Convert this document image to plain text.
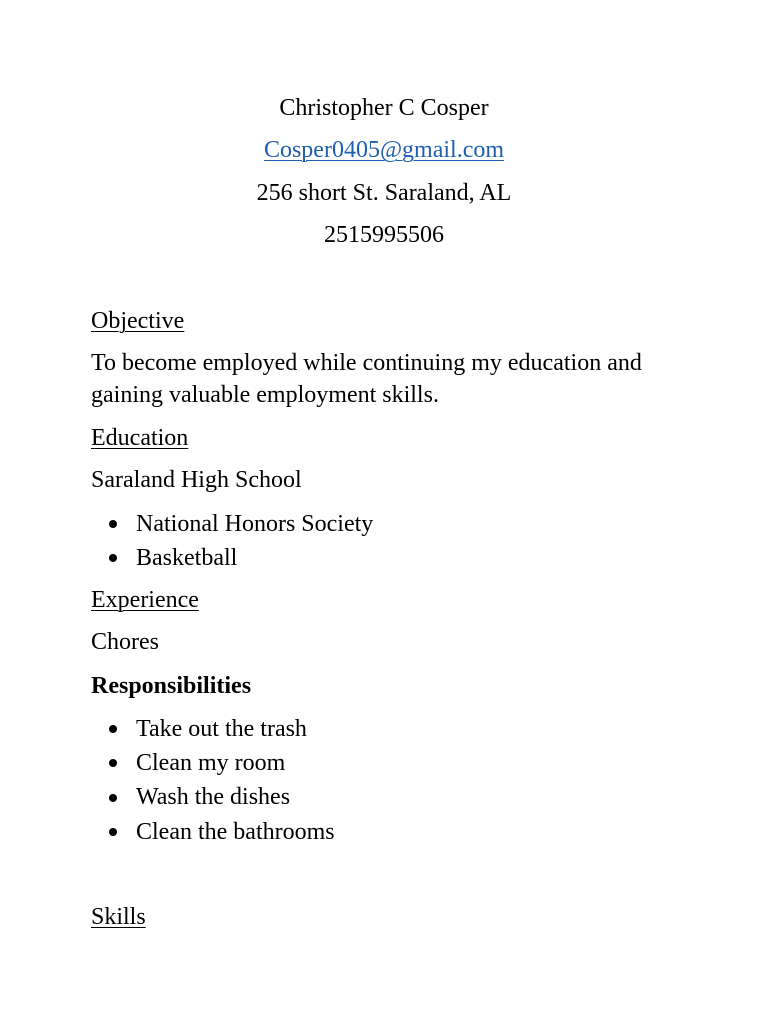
Christopher C Cosper
Cosper0405@gmail.com
256 short St. Saraland, AL
2515995506
Objective
To become employed while continuing my education and gaining valuable employment skills.
Education
Saraland High School
National Honors Society
Basketball
Experience
Chores
Responsibilities
Take out the trash
Clean my room
Wash the dishes
Clean the bathrooms
Skills
